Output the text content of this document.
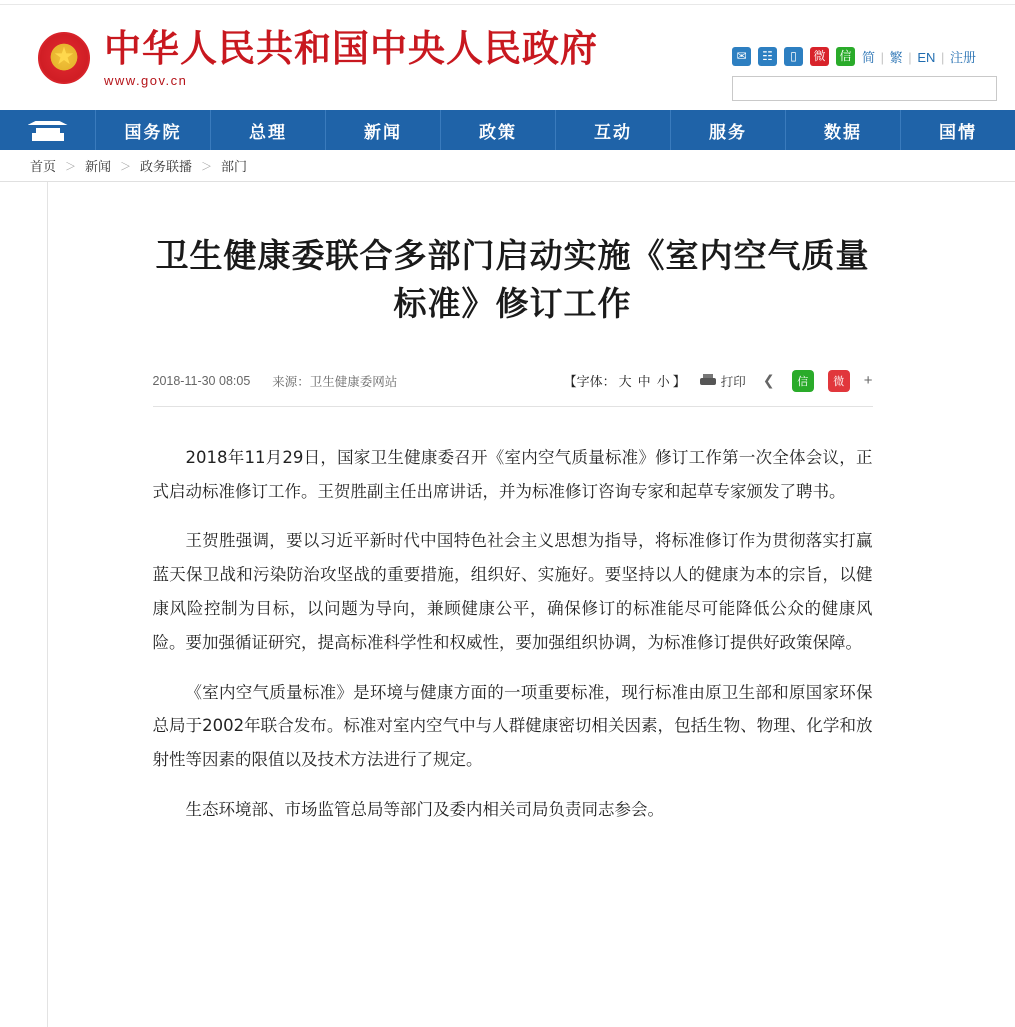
★
中华人民共和国中央人民政府
www.gov.cn
✉	☷	▯	微 信 简 | 繁 | EN | 注册
国务院	总理	新闻	政策	互动	服务	数据	国情
首页 ＞ 新闻 ＞ 政务联播 ＞ 部门
卫生健康委联合多部门启动实施《室内空气质量标准》修订工作
2018-11-30 08:05 来源：卫生健康委网站	【字体： 大 中 小 】	打印 ❮	信	微	+

2018年11月29日，国家卫生健康委召开《室内空气质量标准》修订工作第一次全体会议，正式启动标准修订工作。王贺胜副主任出席讲话，并为标准修订咨询专家和起草专家颁发了聘书。

王贺胜强调，要以习近平新时代中国特色社会主义思想为指导，将标准修订作为贯彻落实打赢蓝天保卫战和污染防治攻坚战的重要措施，组织好、实施好。要坚持以人的健康为本的宗旨，以健康风险控制为目标，以问题为导向，兼顾健康公平，确保修订的标准能尽可能降低公众的健康风险。要加强循证研究，提高标准科学性和权威性，要加强组织协调，为标准修订提供好政策保障。

《室内空气质量标准》是环境与健康方面的一项重要标准，现行标准由原卫生部和原国家环保总局于2002年联合发布。标准对室内空气中与人群健康密切相关因素，包括生物、物理、化学和放射性等因素的限值以及技术方法进行了规定。

生态环境部、市场监管总局等部门及委内相关司局负责同志参会。
